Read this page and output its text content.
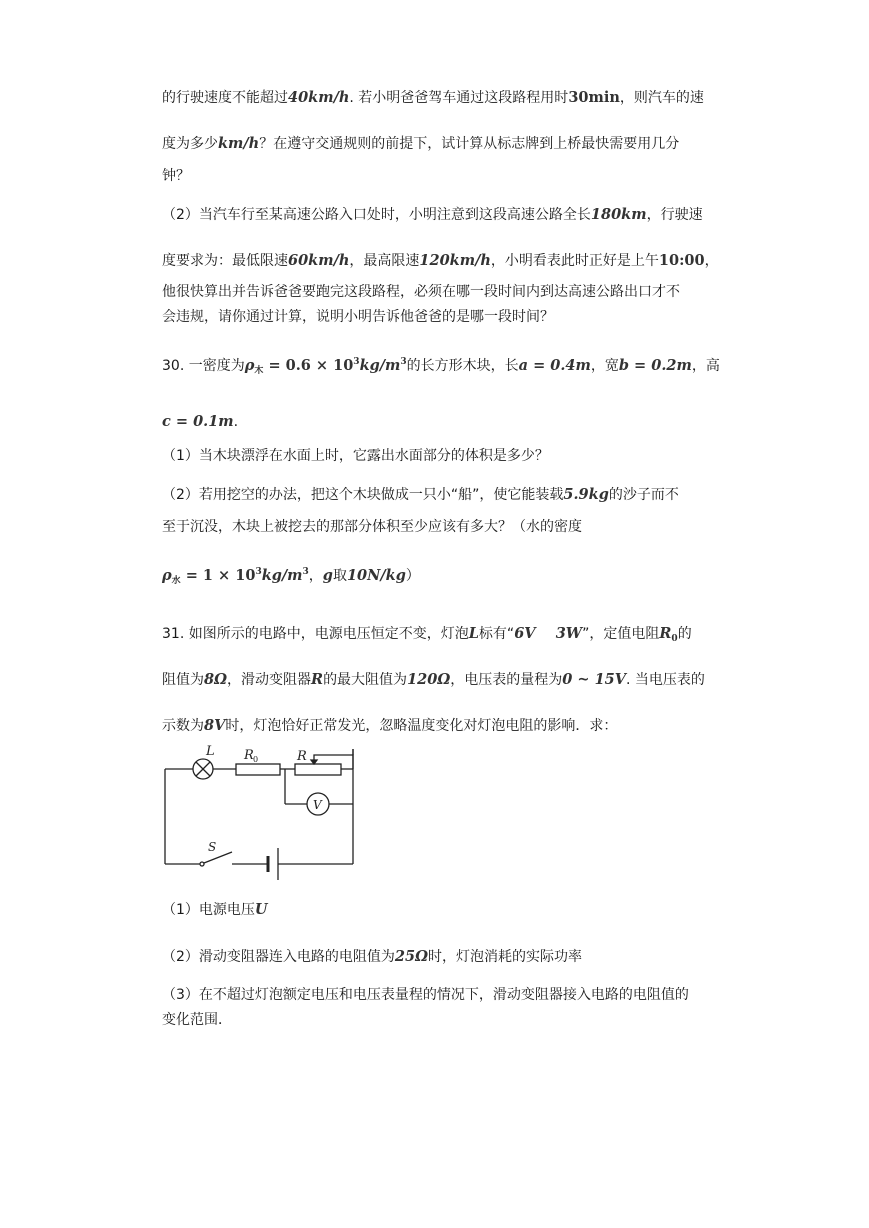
的行驶速度不能超过40km/h. 若小明爸爸驾车通过这段路程用时30min，则汽车的速
度为多少km/h？在遵守交通规则的前提下，试计算从标志牌到上桥最快需要用几分
钟？
（2）当汽车行至某高速公路入口处时，小明注意到这段高速公路全长180km，行驶速
度要求为：最低限速60km/h，最高限速120km/h，小明看表此时正好是上午10:00，
他很快算出并告诉爸爸要跑完这段路程，必须在哪一段时间内到达高速公路出口才不
会违规，请你通过计算，说明小明告诉他爸爸的是哪一段时间？
30. 一密度为$\rho_木 = 0.6 \times 10^3kg/m^3$的长方形木块，长a = 0.4m，宽b = 0.2m，高
c = 0.1m.
（1）当木块漂浮在水面上时，它露出水面部分的体积是多少？
（2）若用挖空的办法，把这个木块做成一只小“船”，使它能装载5.9kg的沙子而不
至于沉没，木块上被挖去的那部分体积至少应该有多大？（水的密度
$\rho_水 = 1 \times 10^3kg/m^3$，g取10N/kg）
31. 如图所示的电路中，电源电压恒定不变，灯泡L标有“6V    3W”，定值电阻$R_0$的
阻值为8Ω，滑动变阻器R的最大阻值为120Ω，电压表的量程为0 ~ 15V. 当电压表的
示数为8V时，灯泡恰好正常发光，忽略温度变化对灯泡电阻的影响．求：
L R 0	R
V
S
（1）电源电压U
（2）滑动变阻器连入电路的电阻值为25Ω时，灯泡消耗的实际功率
（3）在不超过灯泡额定电压和电压表量程的情况下，滑动变阻器接入电路的电阻值的
变化范围．
